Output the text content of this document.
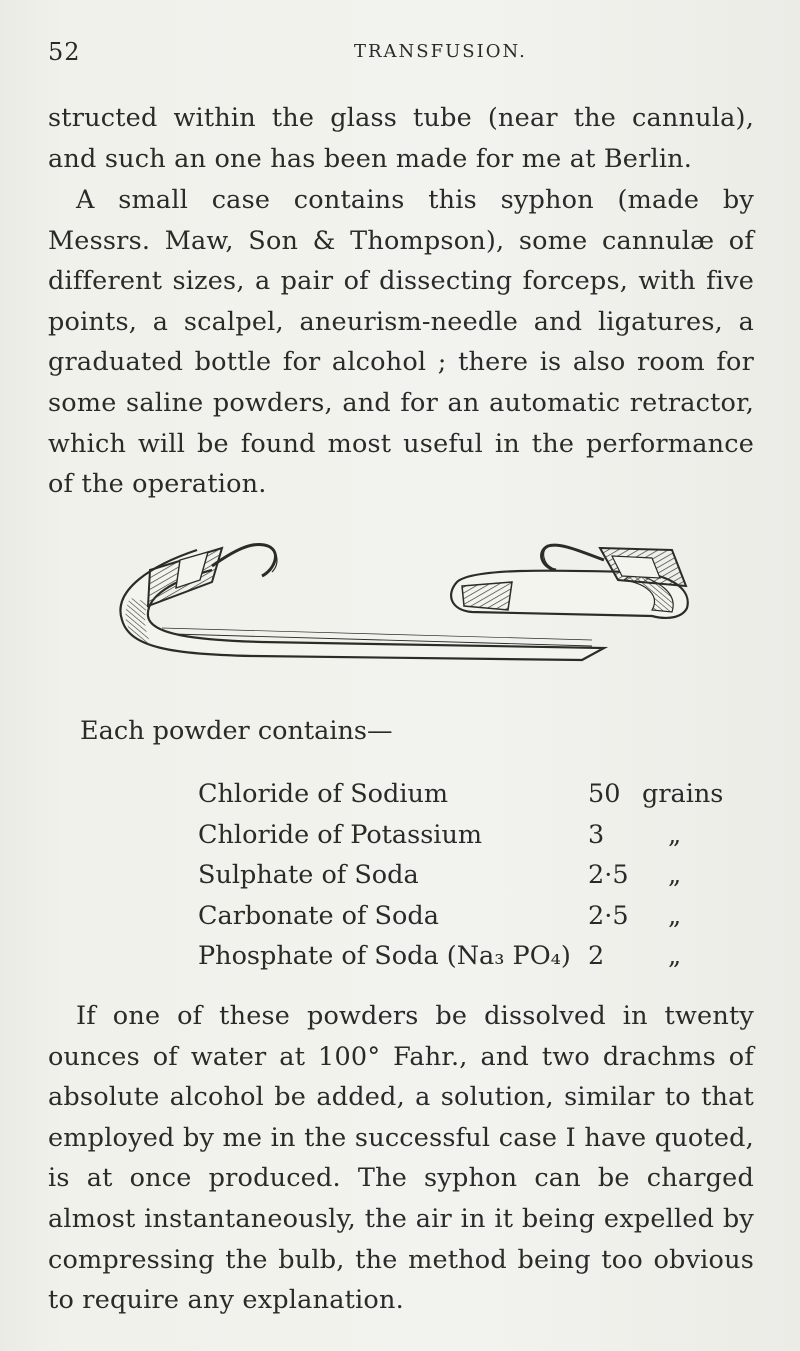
52	TRANSFUSION.

structed within the glass tube (near the cannula), and such an one has been made for me at Berlin.

A small case contains this syphon (made by Messrs. Maw, Son & Thompson), some cannulæ of different sizes, a pair of dissecting forceps, with five points, a scalpel, aneurism-needle and ligatures, a graduated bottle for alcohol ; there is also room for some saline powders, and for an automatic retractor, which will be found most useful in the performance of the operation.

Each powder contains—

Chloride of Sodium	50 grains
Chloride of Potassium	3	„
Sulphate of Soda	2·5 „
Carbonate of Soda	2·5 „
Phosphate of Soda (Na₃ PO₄) 2	„

If one of these powders be dissolved in twenty ounces of water at 100° Fahr., and two drachms of absolute alcohol be added, a solution, similar to that employed by me in the successful case I have quoted, is at once produced. The syphon can be charged almost instantaneously, the air in it being expelled by compressing the bulb, the method being too obvious to require any explanation.
